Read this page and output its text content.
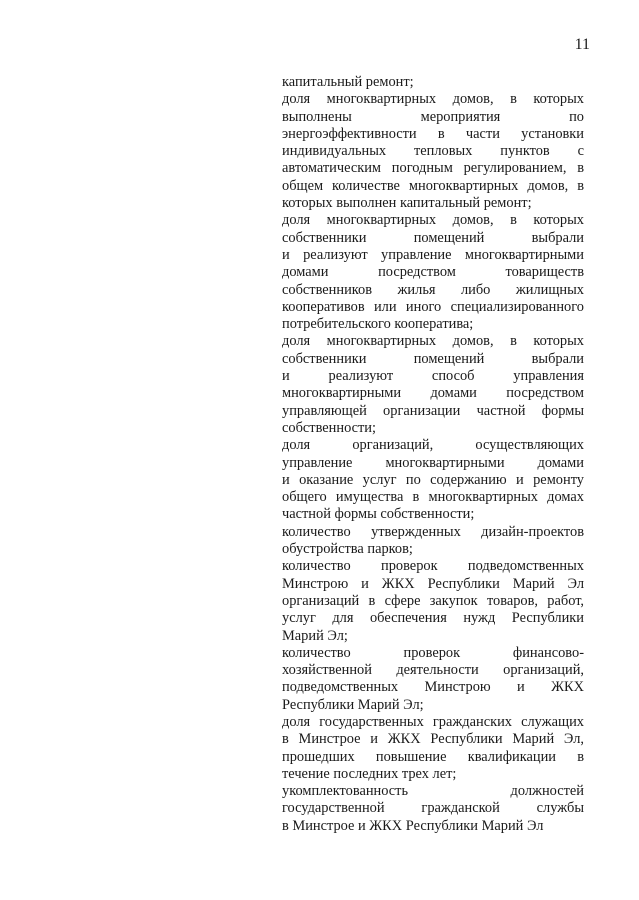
11
капитальный ремонт;
доля многоквартирных домов, в которых
выполнены мероприятия по
энергоэффективности в части установки
индивидуальных тепловых пунктов с
автоматическим погодным регулированием, в
общем количестве многоквартирных домов, в
которых выполнен капитальный ремонт;
доля многоквартирных домов, в которых
собственники помещений выбрали
и реализуют управление многоквартирными
домами посредством товариществ
собственников жилья либо жилищных
кооперативов или иного специализированного
потребительского кооператива;
доля многоквартирных домов, в которых
собственники помещений выбрали
и реализуют способ управления
многоквартирными домами посредством
управляющей организации частной формы
собственности;
доля организаций, осуществляющих
управление многоквартирными домами
и оказание услуг по содержанию и ремонту
общего имущества в многоквартирных домах
частной формы собственности;
количество утвержденных дизайн-проектов
обустройства парков;
количество проверок подведомственных
Минстрою и ЖКХ Республики Марий Эл
организаций в сфере закупок товаров, работ,
услуг для обеспечения нужд Республики
Марий Эл;
количество проверок финансово-
хозяйственной деятельности организаций,
подведомственных Минстрою и ЖКХ
Республики Марий Эл;
доля государственных гражданских служащих
в Минстрое и ЖКХ Республики Марий Эл,
прошедших повышение квалификации в
течение последних трех лет;
укомплектованность должностей
государственной гражданской службы
в Минстрое и ЖКХ Республики Марий Эл
